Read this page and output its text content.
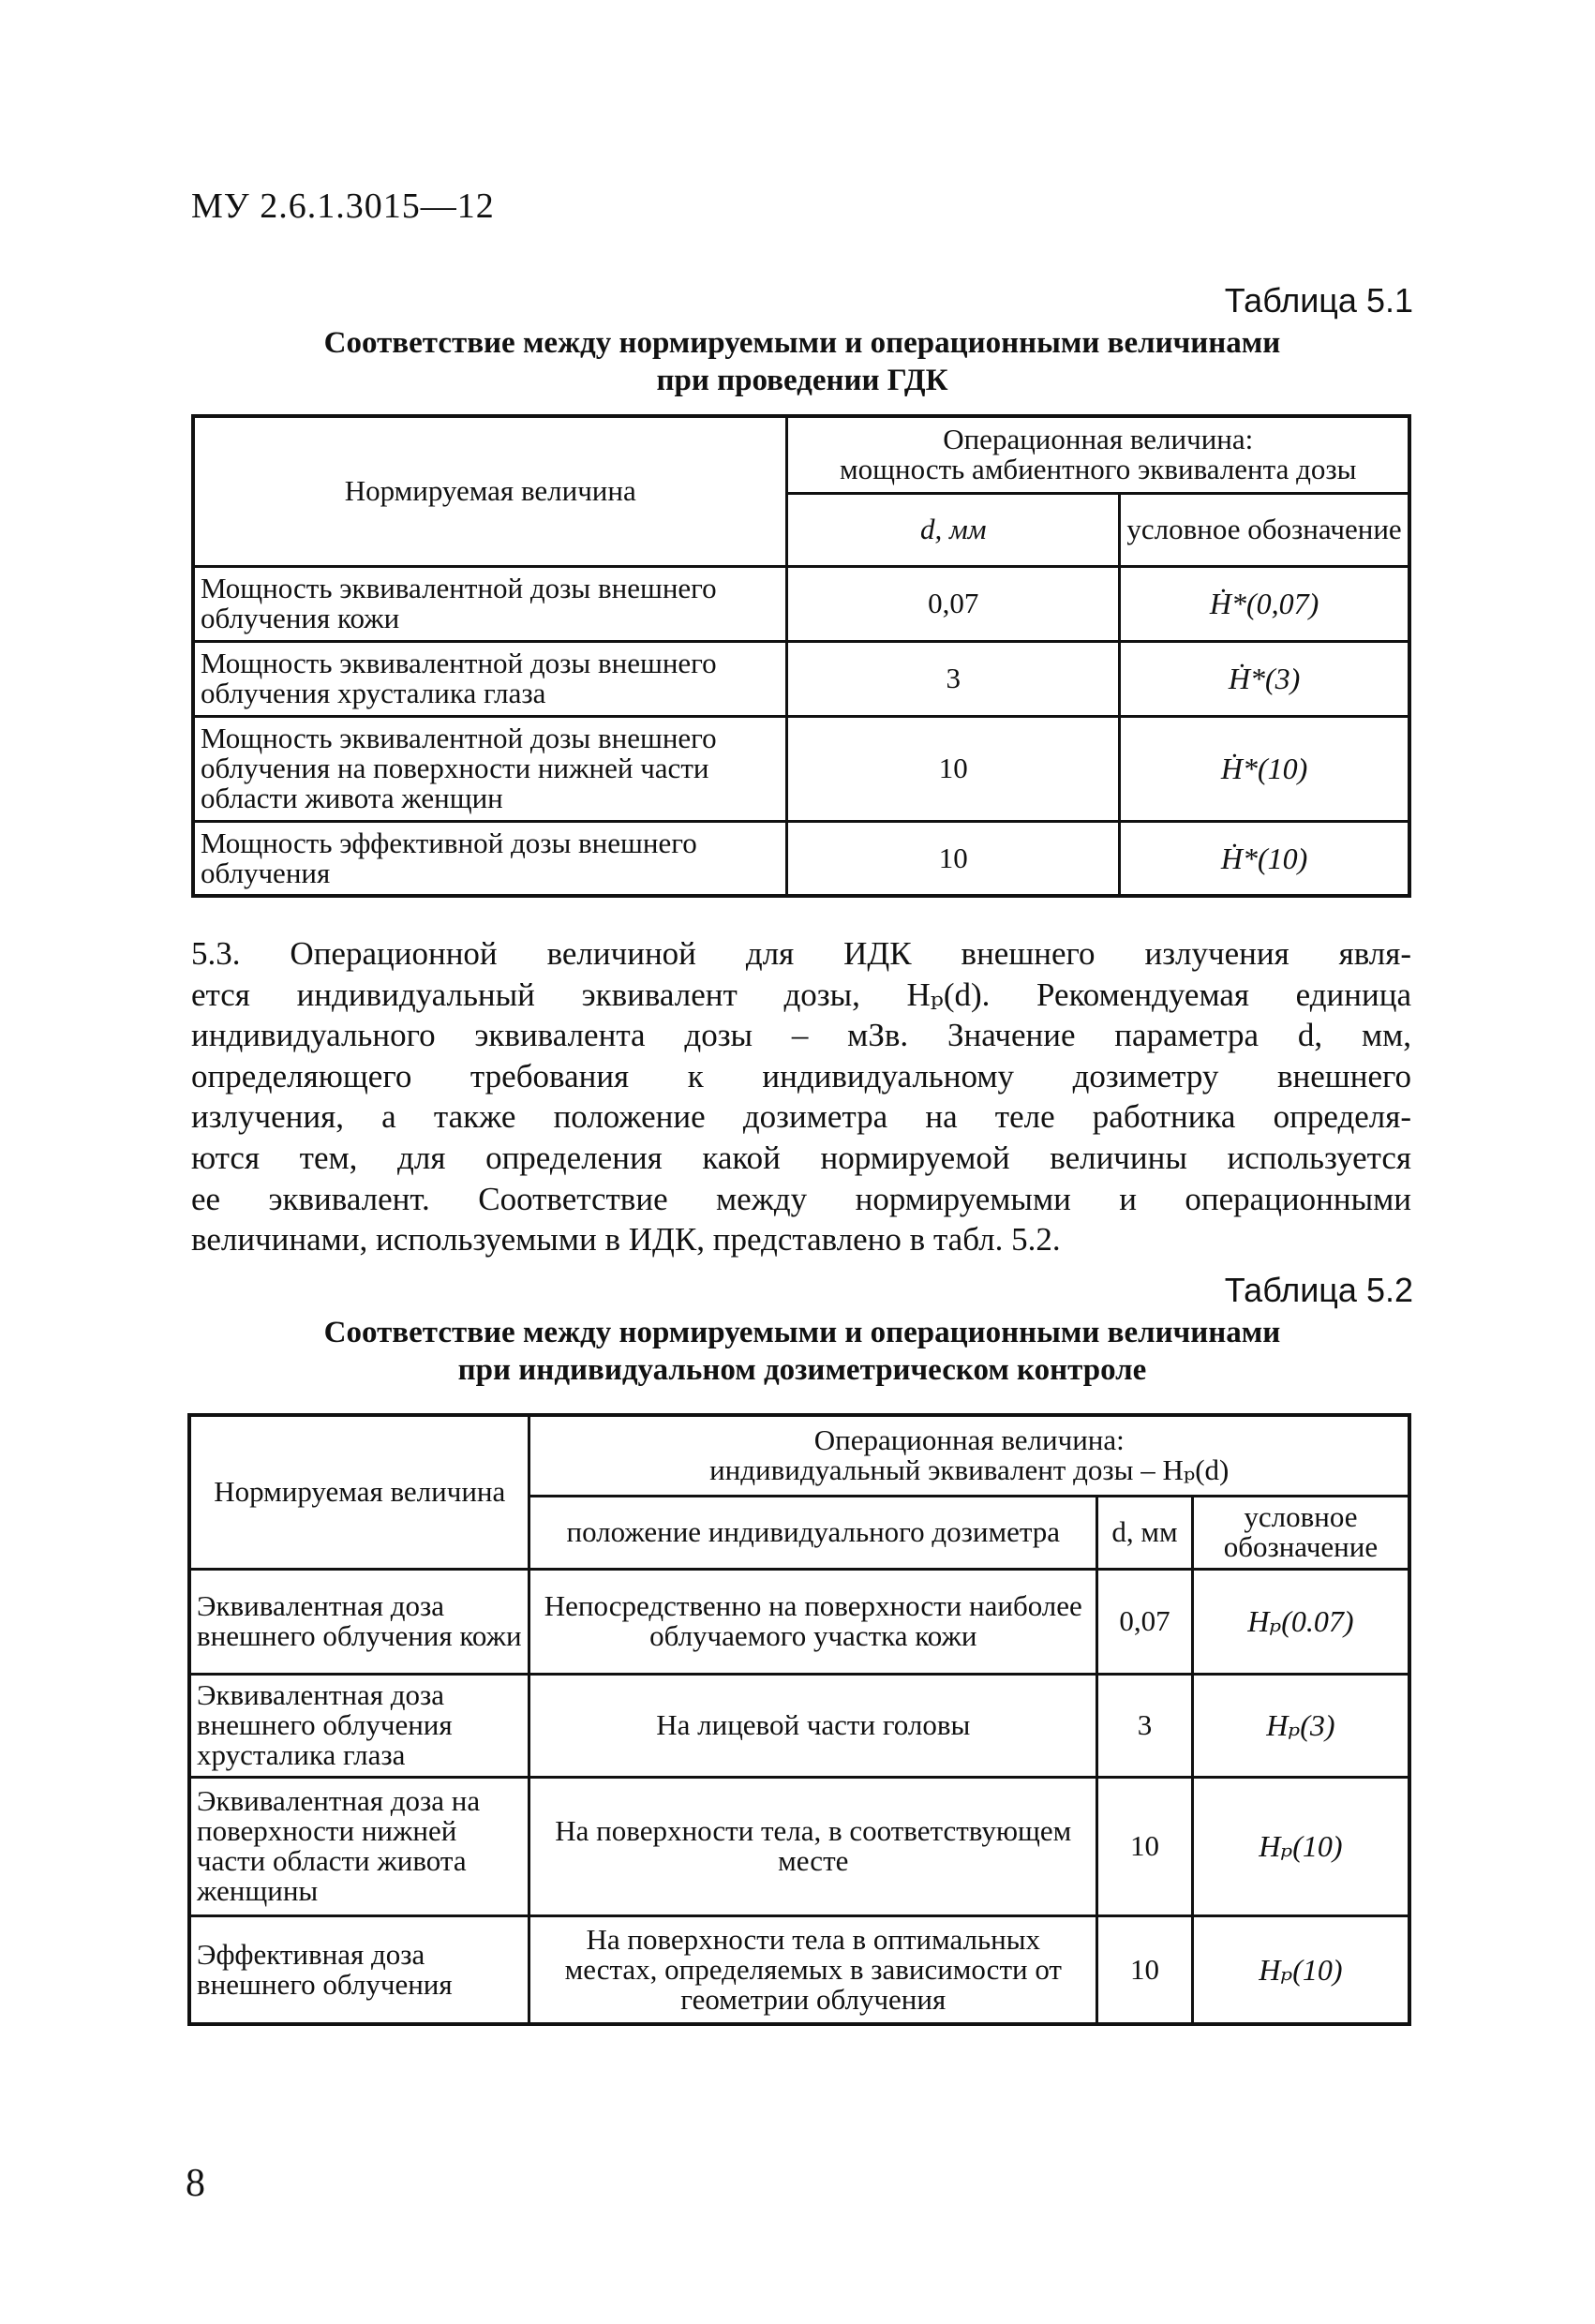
МУ 2.6.1.3015—12
Таблица 5.1
Соответствие между нормируемыми и операционными величинами
при проведении ГДК
Нормируемая величина	Операционная величина:
мощность амбиентного эквивалента дозы	

	d, мм	условное обозначение
Мощность эквивалентной дозы внешнего облучения кожи	0,07	Ḣ*(0,07)
Мощность эквивалентной дозы внешнего облучения хрусталика глаза	3	Ḣ*(3)
Мощность эквивалентной дозы внешнего облучения на поверхности нижней части области живота женщин	10	Ḣ*(10)
Мощность эффективной дозы внешнего облучения	10	Ḣ*(10)
5.3. Операционной величиной для ИДК внешнего излучения явля-
ется индивидуальный эквивалент дозы, Hₚ(d). Рекомендуемая единица
индивидуального эквивалента дозы – мЗв. Значение параметра d, мм,
определяющего требования к индивидуальному дозиметру внешнего
излучения, а также положение дозиметра на теле работника определя-
ются тем, для определения какой нормируемой величины используется
ее эквивалент. Соответствие между нормируемыми и операционными
величинами, используемыми в ИДК, представлено в табл. 5.2.
Таблица 5.2
Соответствие между нормируемыми и операционными величинами
при индивидуальном дозиметрическом контроле
Нормируемая величина	Операционная величина:
индивидуальный эквивалент дозы – Hₚ(d)		

	положение индивидуального дозиметра	d, мм	условное обозначение
Эквивалентная доза внешнего облучения кожи	Непосредственно на поверхности наиболее облучаемого участка кожи	0,07	Hₚ(0.07)
Эквивалентная доза внешнего облучения хрусталика глаза	На лицевой части головы	3	Hₚ(3)
Эквивалентная доза на поверхности нижней части области живота женщины	На поверхности тела, в соответствующем месте	10	Hₚ(10)
Эффективная доза внешнего облучения	На поверхности тела в оптимальных местах, определяемых в зависимости от геометрии облучения	10	Hₚ(10)
8
